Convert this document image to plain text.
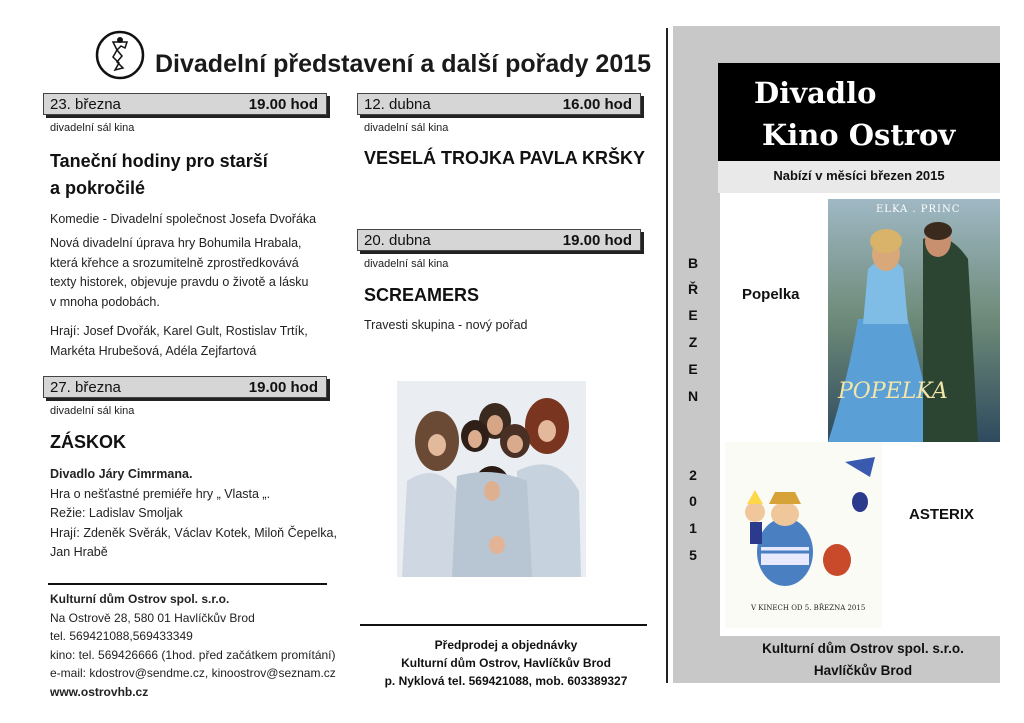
Divadelní představení a další pořady 2015
23. března	19.00 hod
divadelní sál kina
Taneční hodiny pro starší
a pokročilé
Komedie - Divadelní společnost Josefa Dvořáka
Nová divadelní úprava hry Bohumila Hrabala,
která křehce a srozumitelně zprostředkovává
texty historek, objevuje pravdu o životě a lásku
v mnoha podobách.
Hrají: Josef Dvořák, Karel Gult, Rostislav Trtík,
Markéta Hrubešová, Adéla Zejfartová
27. března	19.00 hod
divadelní sál kina
ZÁSKOK
Divadlo Járy Cimrmana.
Hra o nešťastné premiéře hry „ Vlasta „.
Režie: Ladislav Smoljak
Hrají: Zdeněk Svěrák, Václav Kotek, Miloň Čepelka,
Jan Hrabě
Kulturní dům Ostrov spol. s.r.o.
Na Ostrově 28, 580 01 Havlíčkův Brod
tel. 569421088,569433349
kino: tel. 569426666 (1hod. před začátkem promítání)
e-mail: kdostrov@sendme.cz, kinoostrov@seznam.cz
www.ostrovhb.cz
12. dubna	16.00 hod
divadelní sál kina
VESELÁ TROJKA PAVLA KRŠKY
20. dubna	19.00 hod
divadelní sál kina
SCREAMERS
Travesti skupina - nový pořad
Předprodej a objednávky
Kulturní dům Ostrov, Havlíčkův Brod
p. Nyklová tel. 569421088, mob. 603389327
Divadlo
Kino Ostrov
Nabízí v měsíci březen 2015
B
Ř
E
Z
E
N
2
0
1
5
Popelka
ELKA . PRINC
POPELKA
V KINECH OD 5. BŘEZNA 2015
ASTERIX
Kulturní dům Ostrov spol. s.r.o.
Havlíčkův Brod
